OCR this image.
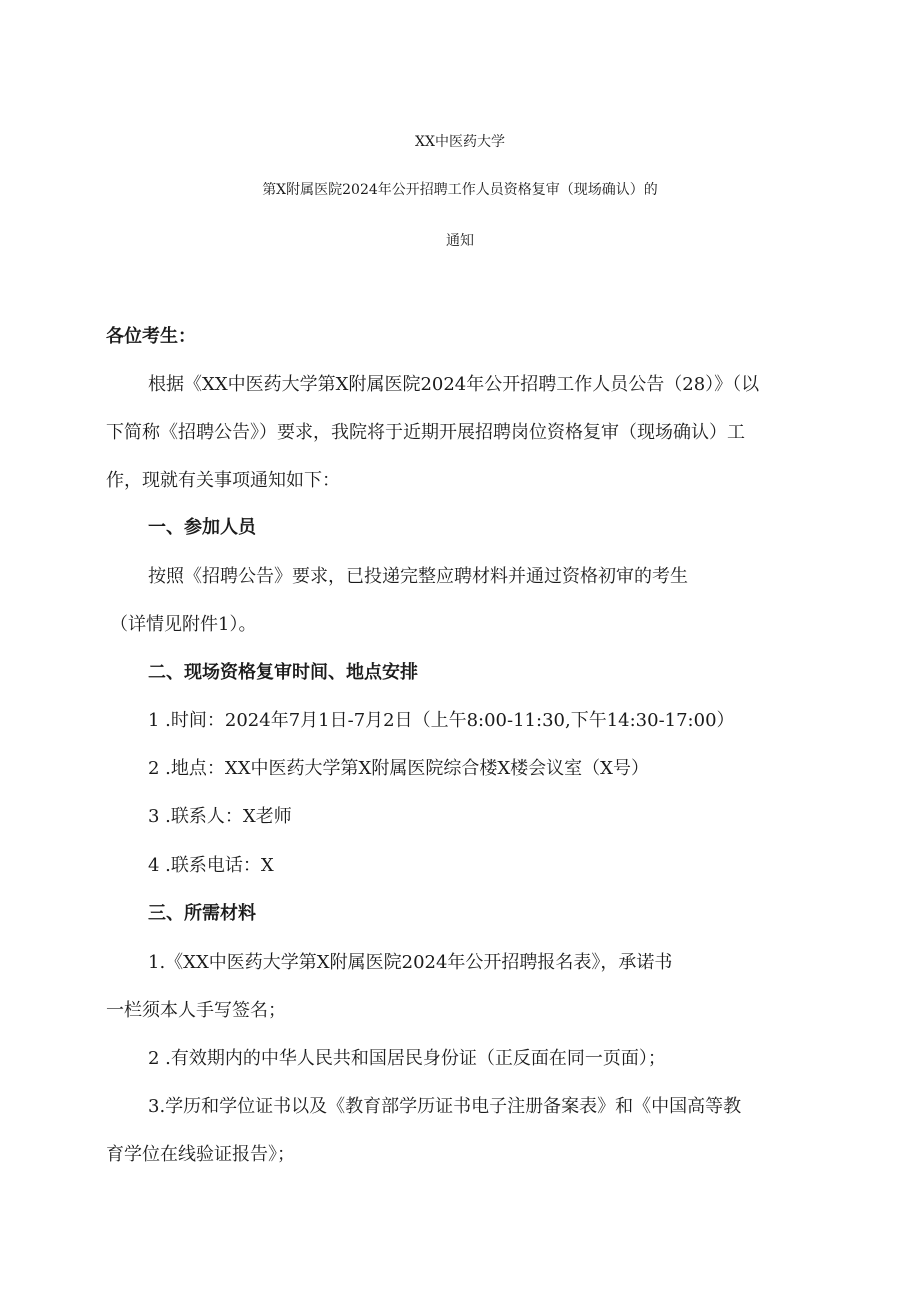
XX中医药大学
第X附属医院2024年公开招聘工作人员资格复审（现场确认）的
通知
各位考生：
根据《XX中医药大学第X附属医院2024年公开招聘工作人员公告（28）》（以
下简称《招聘公告》）要求，我院将于近期开展招聘岗位资格复审（现场确认）工
作，现就有关事项通知如下：
一、参加人员
按照《招聘公告》要求，已投递完整应聘材料并通过资格初审的考生
（详情见附件1）。
二、现场资格复审时间、地点安排
1 .时间：2024年7月1日-7月2日（上午8:00-11:30,下午14:30-17:00）
2 .地点：XX中医药大学第X附属医院综合楼X楼会议室（X号）
3 .联系人：X老师
4 .联系电话：X
三、所需材料
1.《XX中医药大学第X附属医院2024年公开招聘报名表》，承诺书
一栏须本人手写签名；
2 .有效期内的中华人民共和国居民身份证（正反面在同一页面）；
3.学历和学位证书以及《教育部学历证书电子注册备案表》和《中国高等教
育学位在线验证报告》；
